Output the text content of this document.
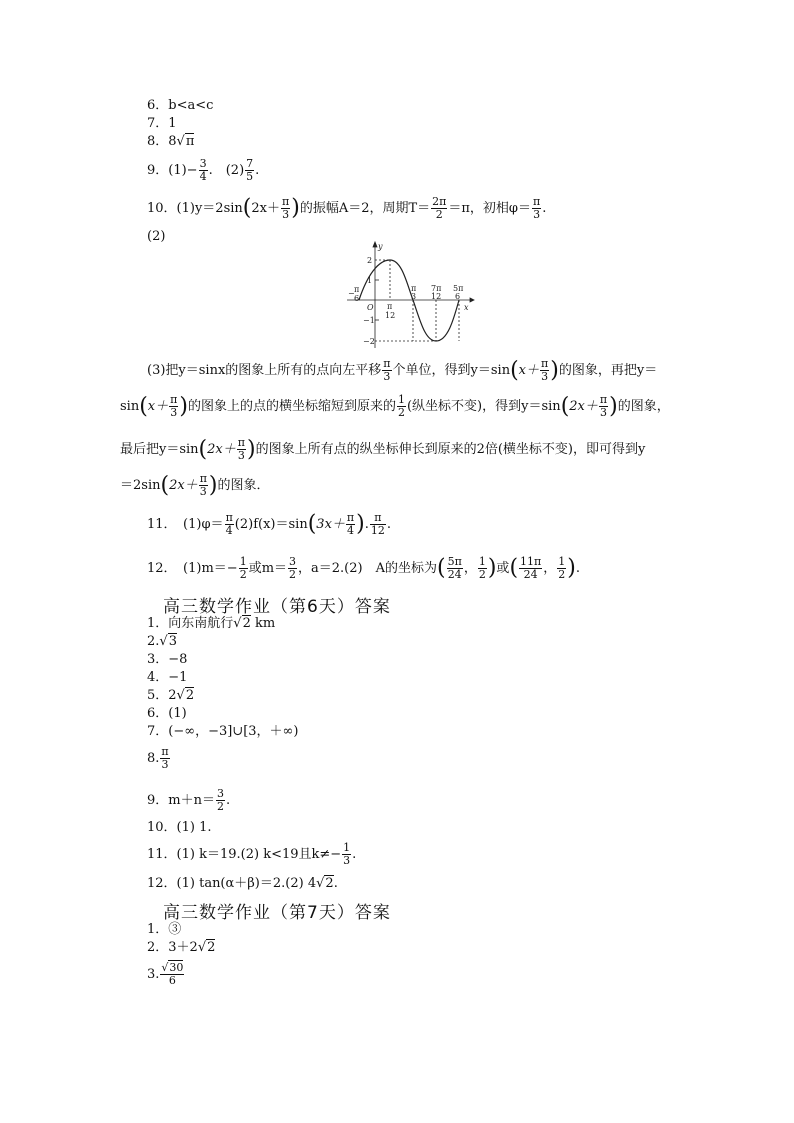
6．b<a<c
7．1
8．8√π
9．$(1)- \frac{3}{4}$ .　$(2) \frac{7}{5}$ .
10．$(1)y=2\sin(2x+ \frac{\pi}{3}$ )的振幅A＝2，周期$T= \frac{2\pi}{2} =\pi$，初相$\varphi= \frac{\pi}{3}$ .
(2)
y
x
O
2
1
−1
−2
− π
6
π
12
π
3
7π
12
5π
6
(3)把y＝sinx的图象上所有的点向左平移 $\frac{\pi}{3}$ 个单位，得到$y=\sin(x+ \frac{\pi}{3}$ )的图象，再把y＝
$\sin(x+ \frac{\pi}{3}$ )的图象上的点的横坐标缩短到原来的 $\frac{1}{2}$ (纵坐标不变)，得到$y=\sin(2x+ \frac{\pi}{3}$ )的图象，
最后把$y=\sin(2x+ \frac{\pi}{3}$ )的图象上所有点的纵坐标伸长到原来的2倍(横坐标不变)，即可得到y
$=2\sin(2x+ \frac{\pi}{3}$ )的图象．
11．　$(1)\varphi= \frac{\pi}{4} (2)f(x)=\sin(3x+ \frac{\pi}{4}$ ). $\frac{\pi}{12}$ .
12．　$(1)m=- \frac{1}{2}$ 或$m= \frac{3}{2}$ ，a＝2.(2)　A的坐标为( $\frac{5\pi}{24}$ ， $\frac{1}{2}$ )或( $\frac{11\pi}{24}$ ， $\frac{1}{2}$ ).
高三数学作业（第6天）答案
1．向东南航行√2 km
2.√3
3．−8
4．−1
5．2√2
6．(1)
7．(−∞，−3]∪[3，＋∞)
8. $\frac{\pi}{3}$
9．$m+n= \frac{3}{2}$ .
10．(1) 1.
11．(1) k＝19.(2) k<19且$k\ne- \frac{1}{3}$ .
12．(1) tan(α＋β)＝2.(2) 4√2.
高三数学作业（第7天）答案
1．③
2．3＋2√2
3. $\frac{√30}{6}$
